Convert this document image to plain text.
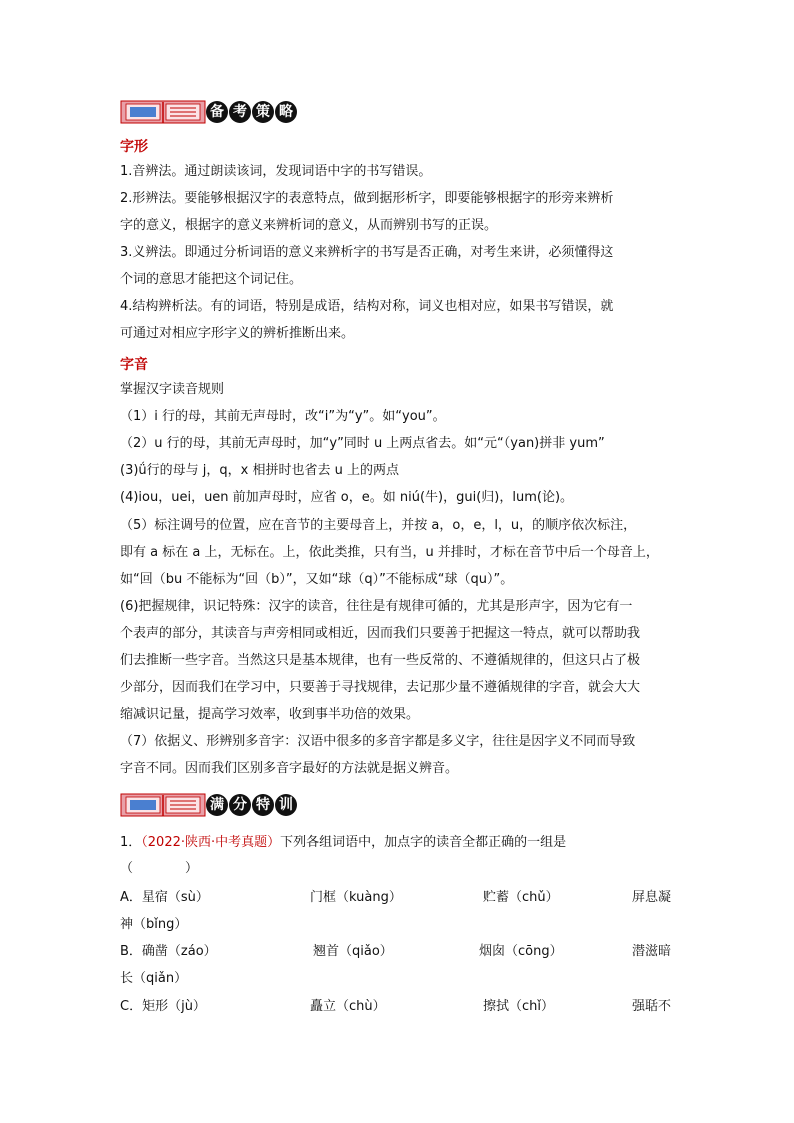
备 考 策 略
字形
1.音辨法。通过朗读该词，发现词语中字的书写错误。
2.形辨法。要能够根据汉字的表意特点，做到据形析字，即要能够根据字的形旁来辨析
字的意义，根据字的意义来辨析词的意义，从而辨别书写的正误。
3.义辨法。即通过分析词语的意义来辨析字的书写是否正确，对考生来讲，必须懂得这
个词的意思才能把这个词记住。
4.结构辨析法。有的词语，特别是成语，结构对称，词义也相对应，如果书写错误，就
可通过对相应字形字义的辨析推断出来。
字音
掌握汉字读音规则
（1）i 行的母，其前无声母时，改“i”为“y”。如“you”。
（2）u 行的母，其前无声母时，加“y”同时 u 上两点省去。如“元“（yan)拼非 yum”
(3)ǘ行的母与 j，q，x 相拼时也省去 u 上的两点
(4)iou，uei，uen 前加声母时，应省 o，e。如 niú(牛)，gui(归)，lum(论)。
（5）标注调号的位置，应在音节的主要母音上，并按 a，o，e，l，u，的顺序依次标注，
即有 a 标在 a 上，无标在。上，依此类推，只有当，u 并排时，才标在音节中后一个母音上，
如“回（bu 不能标为“回（b）”，又如“球（q）”不能标成“球（qu）”。
(6)把握规律，识记特殊：汉字的读音，往往是有规律可循的，尤其是形声字，因为它有一
个表声的部分，其读音与声旁相同或相近，因而我们只要善于把握这一特点，就可以帮助我
们去推断一些字音。当然这只是基本规律，也有一些反常的、不遵循规律的，但这只占了极
少部分，因而我们在学习中，只要善于寻找规律，去记那少量不遵循规律的字音，就会大大
缩减识记量，提高学习效率，收到事半功倍的效果。
（7）依据义、形辨别多音字：汉语中很多的多音字都是多义字，往往是因字义不同而导致
字音不同。因而我们区别多音字最好的方法就是据义辨音。
满 分 特 训
1．（2022·陕西·中考真题）下列各组词语中，加点字的读音全都正确的一组是
（　　　　）
A．星宿（sù）	门框（kuàng）	贮蓄（chǔ）	屏息凝
神（bǐng）
B．确凿（záo）	翘首（qiǎo）	烟囱（cōng）	潜滋暗
长（qiǎn）
C．矩形（jù）	矗立（chù）	擦拭（chǐ）	强聒不
